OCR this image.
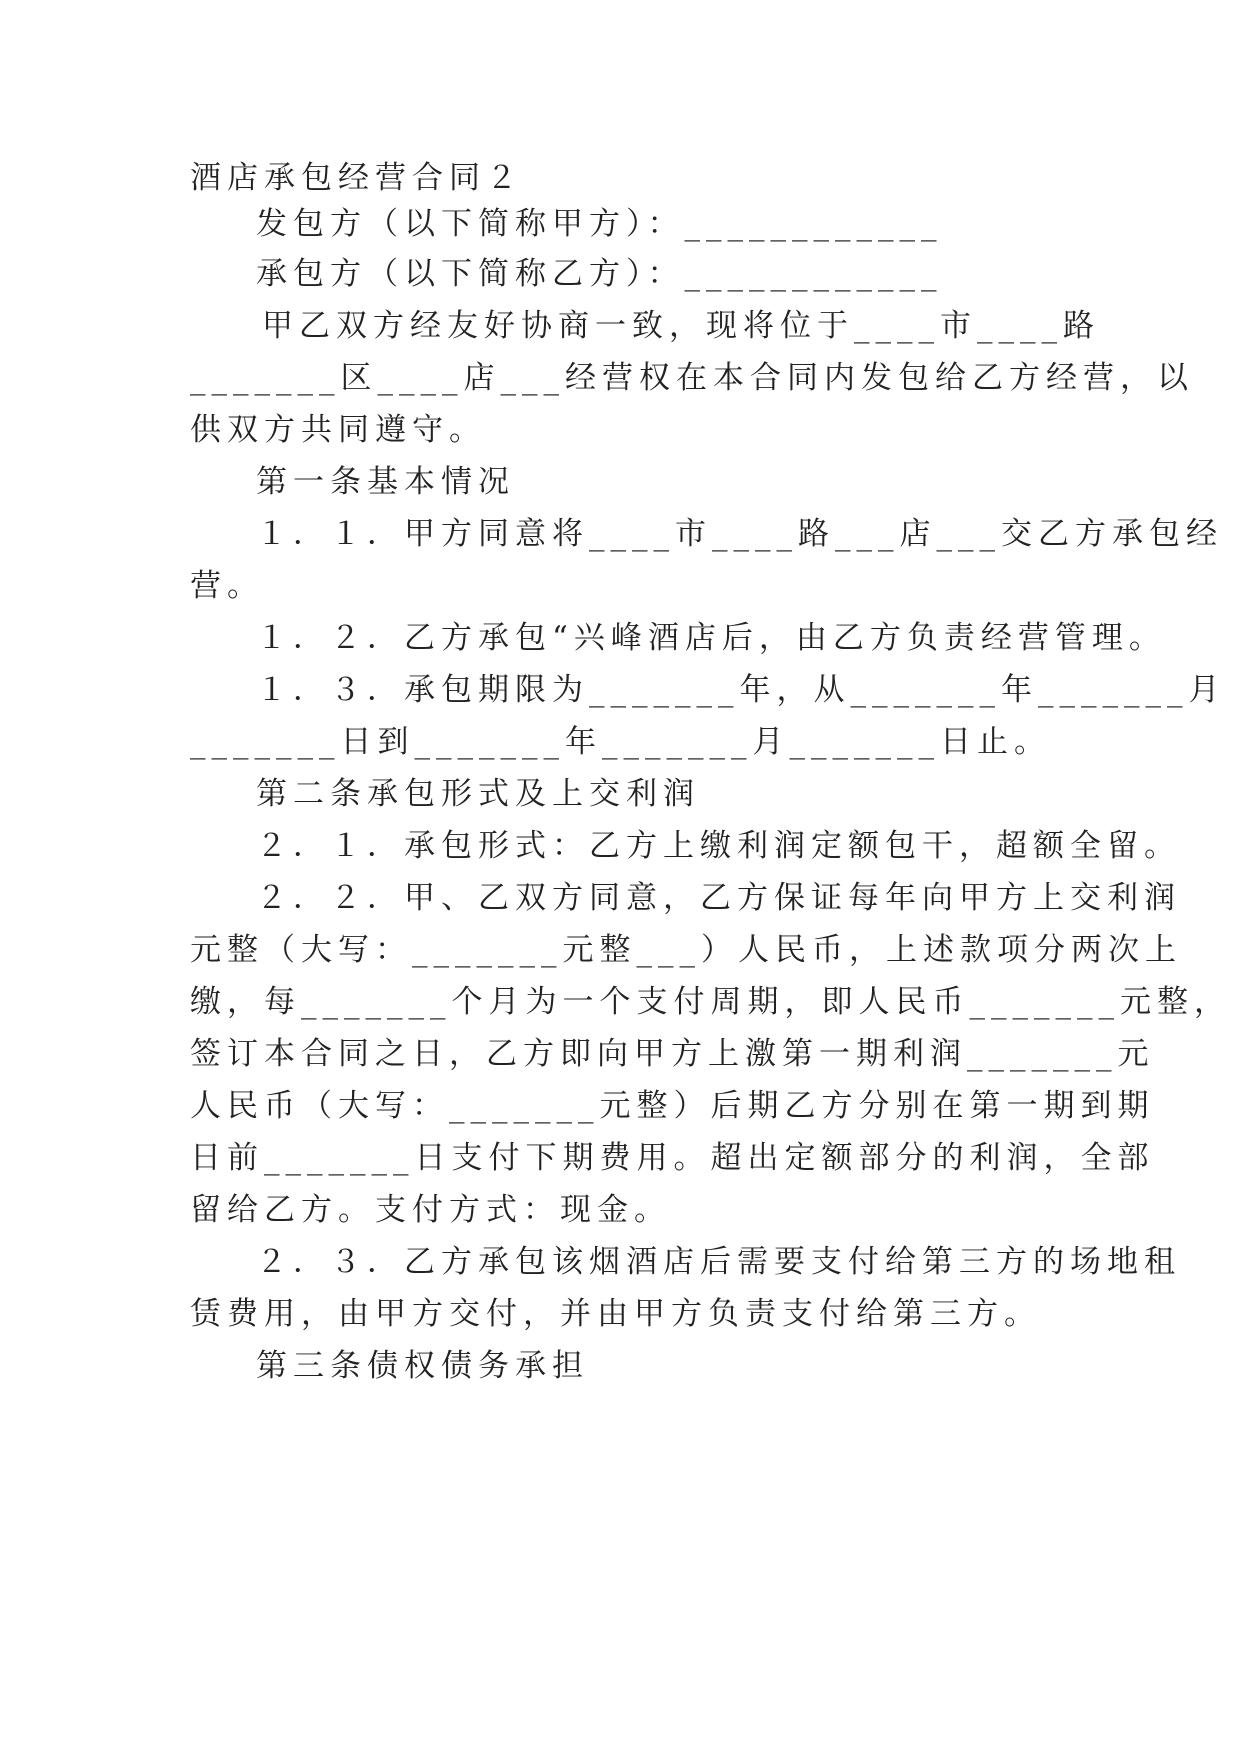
酒店承包经营合同２
发包方（以下简称甲方）：____________
承包方（以下简称乙方）：____________
甲乙双方经友好协商一致，现将位于____市____路
_______区____店___经营权在本合同内发包给乙方经营，以
供双方共同遵守。
第一条基本情况
１．１．甲方同意将____市____路___店___交乙方承包经
营。
１．２．乙方承包“兴峰酒店后，由乙方负责经营管理。
１．３．承包期限为_______年，从_______年_______月
_______日到_______年_______月_______日止。
第二条承包形式及上交利润
２．１．承包形式：乙方上缴利润定额包干，超额全留。
２．２．甲、乙双方同意，乙方保证每年向甲方上交利润
元整（大写：_______元整___）人民币，上述款项分两次上
缴，每_______个月为一个支付周期，即人民币_______元整，
签订本合同之日，乙方即向甲方上激第一期利润_______元
人民币（大写：_______元整）后期乙方分别在第一期到期
日前_______日支付下期费用。超出定额部分的利润，全部
留给乙方。支付方式：现金。
２．３．乙方承包该烟酒店后需要支付给第三方的场地租
赁费用，由甲方交付，并由甲方负责支付给第三方。
第三条债权债务承担
